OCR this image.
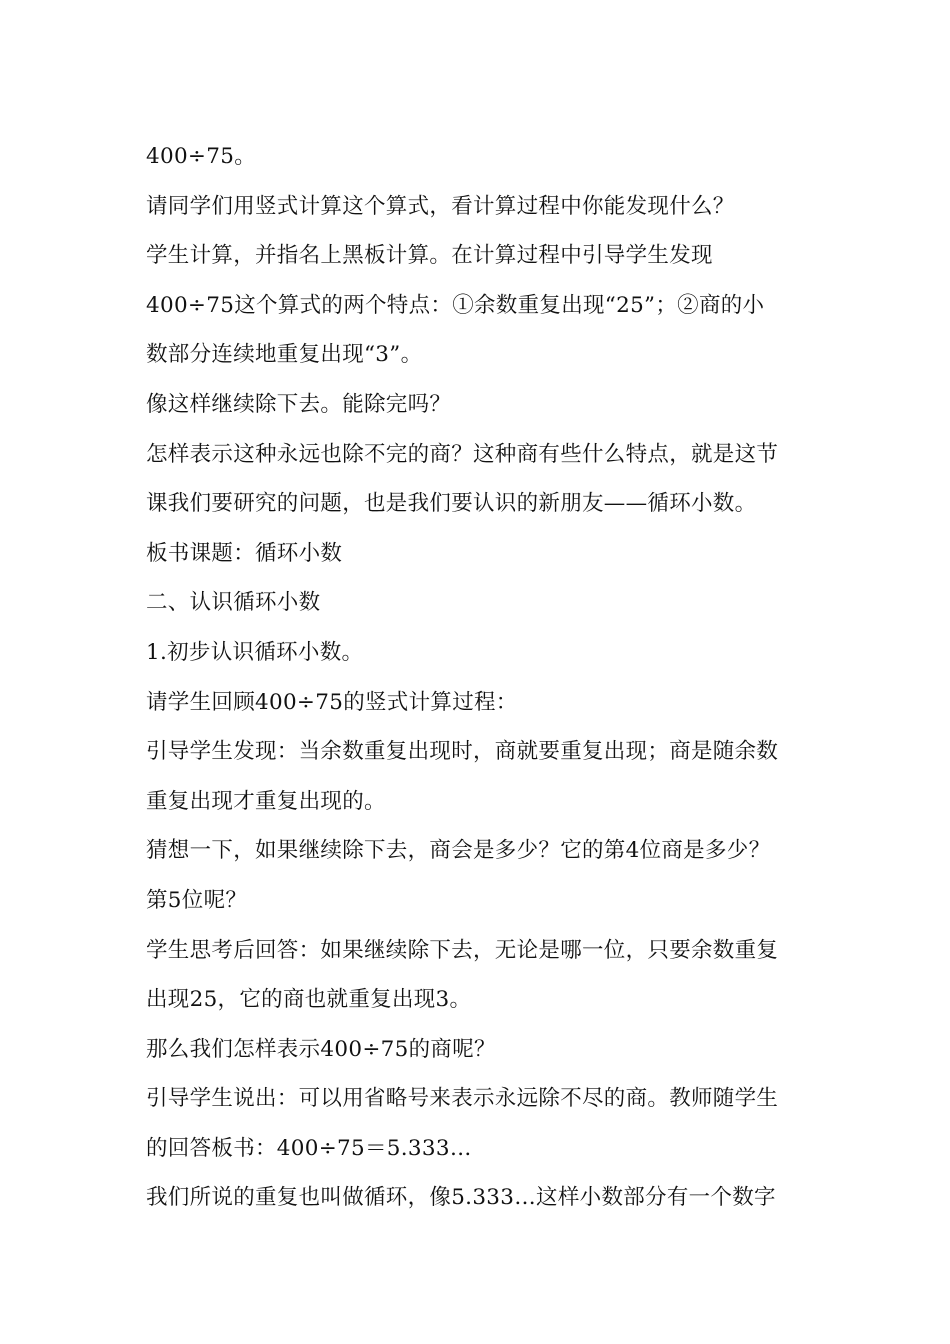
400÷75。
请同学们用竖式计算这个算式，看计算过程中你能发现什么？
学生计算，并指名上黑板计算。在计算过程中引导学生发现
400÷75这个算式的两个特点：①余数重复出现“25”；②商的小
数部分连续地重复出现“3”。
像这样继续除下去。能除完吗？
怎样表示这种永远也除不完的商？这种商有些什么特点，就是这节
课我们要研究的问题，也是我们要认识的新朋友——循环小数。
板书课题：循环小数
二、认识循环小数
1.初步认识循环小数。
请学生回顾400÷75的竖式计算过程：
引导学生发现：当余数重复出现时，商就要重复出现；商是随余数
重复出现才重复出现的。
猜想一下，如果继续除下去，商会是多少？它的第4位商是多少？
第5位呢？
学生思考后回答：如果继续除下去，无论是哪一位，只要余数重复
出现25，它的商也就重复出现3。
那么我们怎样表示400÷75的商呢？
引导学生说出：可以用省略号来表示永远除不尽的商。教师随学生
的回答板书：400÷75＝5.333…
我们所说的重复也叫做循环，像5.333…这样小数部分有一个数字
